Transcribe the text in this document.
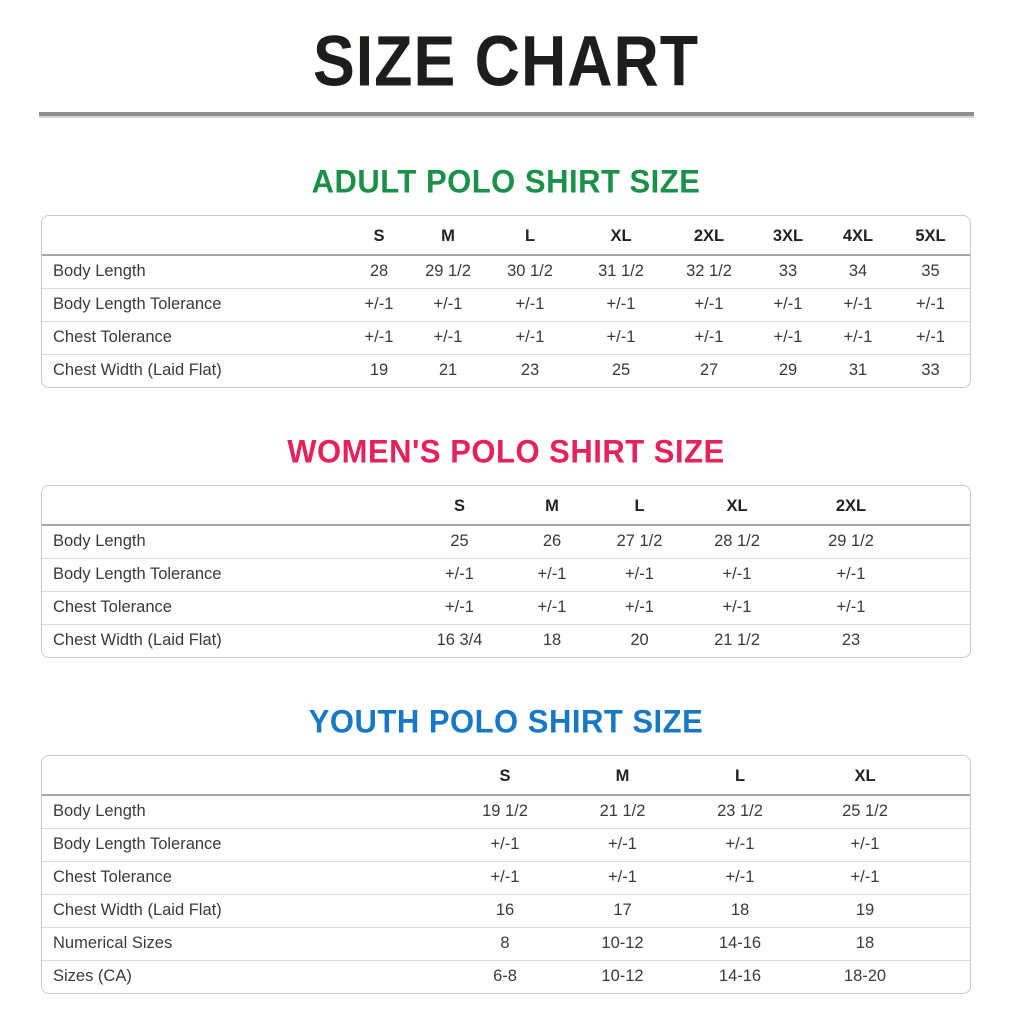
SIZE CHART
ADULT POLO SHIRT SIZE
	S	M	L	XL	2XL	3XL	4XL	5XL
Body Length	28	29 1/2	30 1/2	31 1/2	32 1/2	33	34	35
Body Length Tolerance	+/-1	+/-1	+/-1	+/-1	+/-1	+/-1	+/-1	+/-1
Chest Tolerance	+/-1	+/-1	+/-1	+/-1	+/-1	+/-1	+/-1	+/-1
Chest Width (Laid Flat)	19	21	23	25	27	29	31	33
WOMEN'S POLO SHIRT SIZE
	S	M	L	XL	2XL	
Body Length	25	26	27 1/2	28 1/2	29 1/2	
Body Length Tolerance	+/-1	+/-1	+/-1	+/-1	+/-1	
Chest Tolerance	+/-1	+/-1	+/-1	+/-1	+/-1	
Chest Width (Laid Flat)	16 3/4	18	20	21 1/2	23	
YOUTH POLO SHIRT SIZE
	S	M	L	XL	
Body Length	19 1/2	21 1/2	23 1/2	25 1/2	
Body Length Tolerance	+/-1	+/-1	+/-1	+/-1	
Chest Tolerance	+/-1	+/-1	+/-1	+/-1	
Chest Width (Laid Flat)	16	17	18	19	
Numerical Sizes	8	10-12	14-16	18	
Sizes (CA)	6-8	10-12	14-16	18-20	
